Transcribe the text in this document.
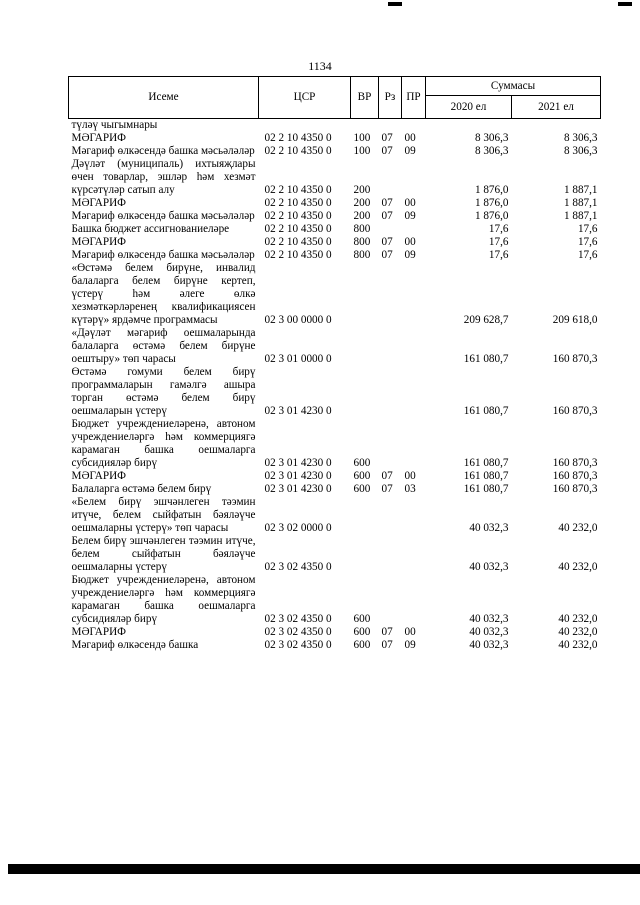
1134
Исеме	ЦСР	ВР	Рз	ПР	Суммасы	
					2020 ел	2021 ел
түләү чыгымнары						
МӘГАРИФ	02 2 10 4350 0	100	07	00	8 306,3	8 306,3
Мәгариф өлкәсендә башка мәсьәләләр	02 2 10 4350 0	100	07	09	8 306,3	8 306,3
Дәүләт (муниципаль) ихтыяҗлары өчен товарлар, эшләр һәм хезмәт күрсәтүләр сатып алу	02 2 10 4350 0	200			1 876,0	1 887,1
МӘГАРИФ	02 2 10 4350 0	200	07	00	1 876,0	1 887,1
Мәгариф өлкәсендә башка мәсьәләләр	02 2 10 4350 0	200	07	09	1 876,0	1 887,1
Башка бюджет ассигнованиеләре	02 2 10 4350 0	800			17,6	17,6
МӘГАРИФ	02 2 10 4350 0	800	07	00	17,6	17,6
Мәгариф өлкәсендә башка мәсьәләләр	02 2 10 4350 0	800	07	09	17,6	17,6
«Өстәмә белем бирүне, инвалид балаларга белем бирүне кертеп, үстерү һәм әлеге өлкә хезмәткәрләренең квалификациясен күтәрү» ярдәмче программасы	02 3 00 0000 0				209 628,7	209 618,0
«Дәүләт мәгариф оешмаларында балаларга өстәмә белем бирүне оештыру» төп чарасы	02 3 01 0000 0				161 080,7	160 870,3
Өстәмә гомуми белем бирү программаларын гамәлгә ашыра торган өстәмә белем бирү оешмаларын үстерү	02 3 01 4230 0				161 080,7	160 870,3
Бюджет учреждениеләренә, автоном учреждениеләргә һәм коммерциягә карамаган башка оешмаларга субсидияләр бирү	02 3 01 4230 0	600			161 080,7	160 870,3
МӘГАРИФ	02 3 01 4230 0	600	07	00	161 080,7	160 870,3
Балаларга өстәмә белем бирү	02 3 01 4230 0	600	07	03	161 080,7	160 870,3
«Белем бирү эшчәнлеген тәэмин итүче, белем сыйфатын бәяләүче оешмаларны үстерү» төп чарасы	02 3 02 0000 0				40 032,3	40 232,0
Белем бирү эшчәнлеген тәэмин итүче, белем сыйфатын бәяләүче оешмаларны үстерү	02 3 02 4350 0				40 032,3	40 232,0
Бюджет учреждениеләренә, автоном учреждениеләргә һәм коммерциягә карамаган башка оешмаларга субсидияләр бирү	02 3 02 4350 0	600			40 032,3	40 232,0
МӘГАРИФ	02 3 02 4350 0	600	07	00	40 032,3	40 232,0
Мәгариф өлкәсендә башка	02 3 02 4350 0	600	07	09	40 032,3	40 232,0
